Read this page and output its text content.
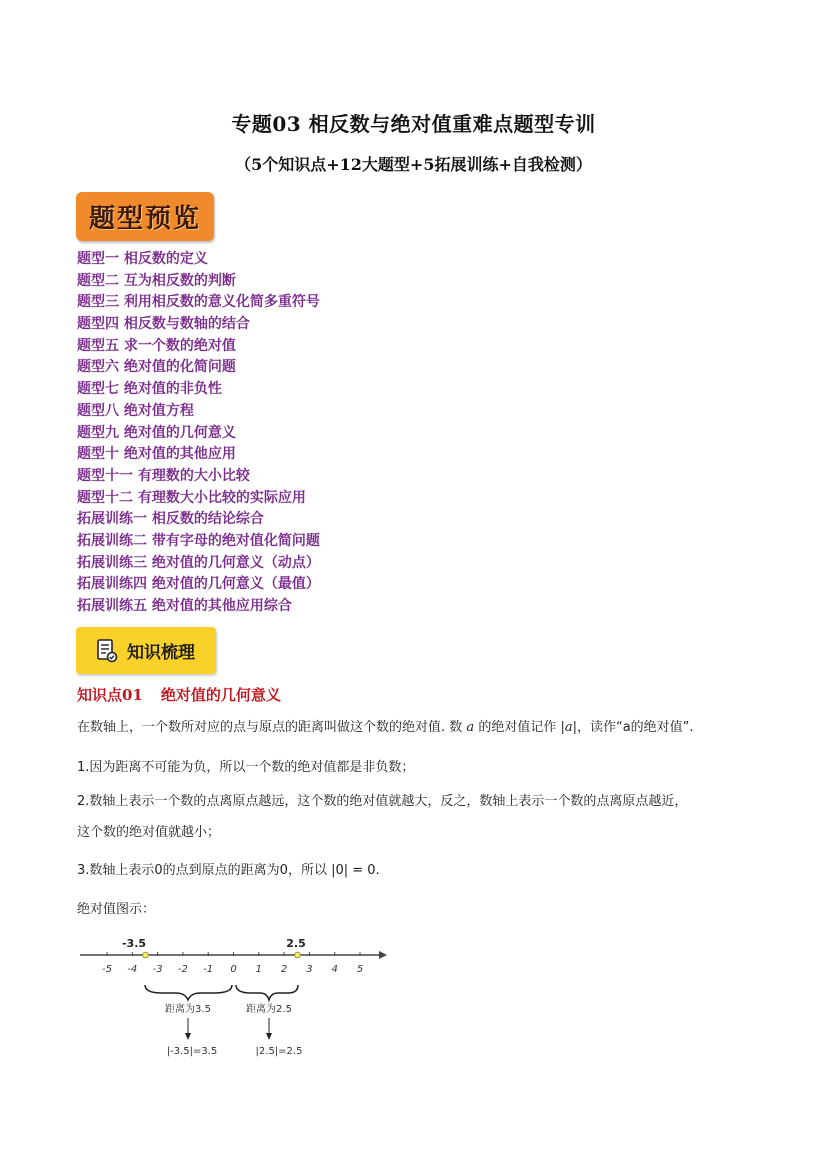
专题03 相反数与绝对值重难点题型专训
（5个知识点+12大题型+5拓展训练+自我检测）
题型预览
题型一 相反数的定义
题型二 互为相反数的判断
题型三 利用相反数的意义化简多重符号
题型四 相反数与数轴的结合
题型五 求一个数的绝对值
题型六 绝对值的化简问题
题型七 绝对值的非负性
题型八 绝对值方程
题型九 绝对值的几何意义
题型十 绝对值的其他应用
题型十一 有理数的大小比较
题型十二 有理数大小比较的实际应用
拓展训练一 相反数的结论综合
拓展训练二 带有字母的绝对值化简问题
拓展训练三 绝对值的几何意义（动点）
拓展训练四 绝对值的几何意义（最值）
拓展训练五 绝对值的其他应用综合
知识梳理
知识点01 绝对值的几何意义
在数轴上，一个数所对应的点与原点的距离叫做这个数的绝对值. 数 a 的绝对值记作 |a|，读作“a的绝对值”.
1.因为距离不可能为负，所以一个数的绝对值都是非负数；
2.数轴上表示一个数的点离原点越远，这个数的绝对值就越大，反之，数轴上表示一个数的点离原点越近，
这个数的绝对值就越小；
3.数轴上表示0的点到原点的距离为0，所以 |0| = 0.
绝对值图示：
-5 -4 -3 -2 -1 0 1 2 3 4 5
-3.5	2.5
距离为3.5	距离为2.5
|-3.5|=3.5	|2.5|=2.5
